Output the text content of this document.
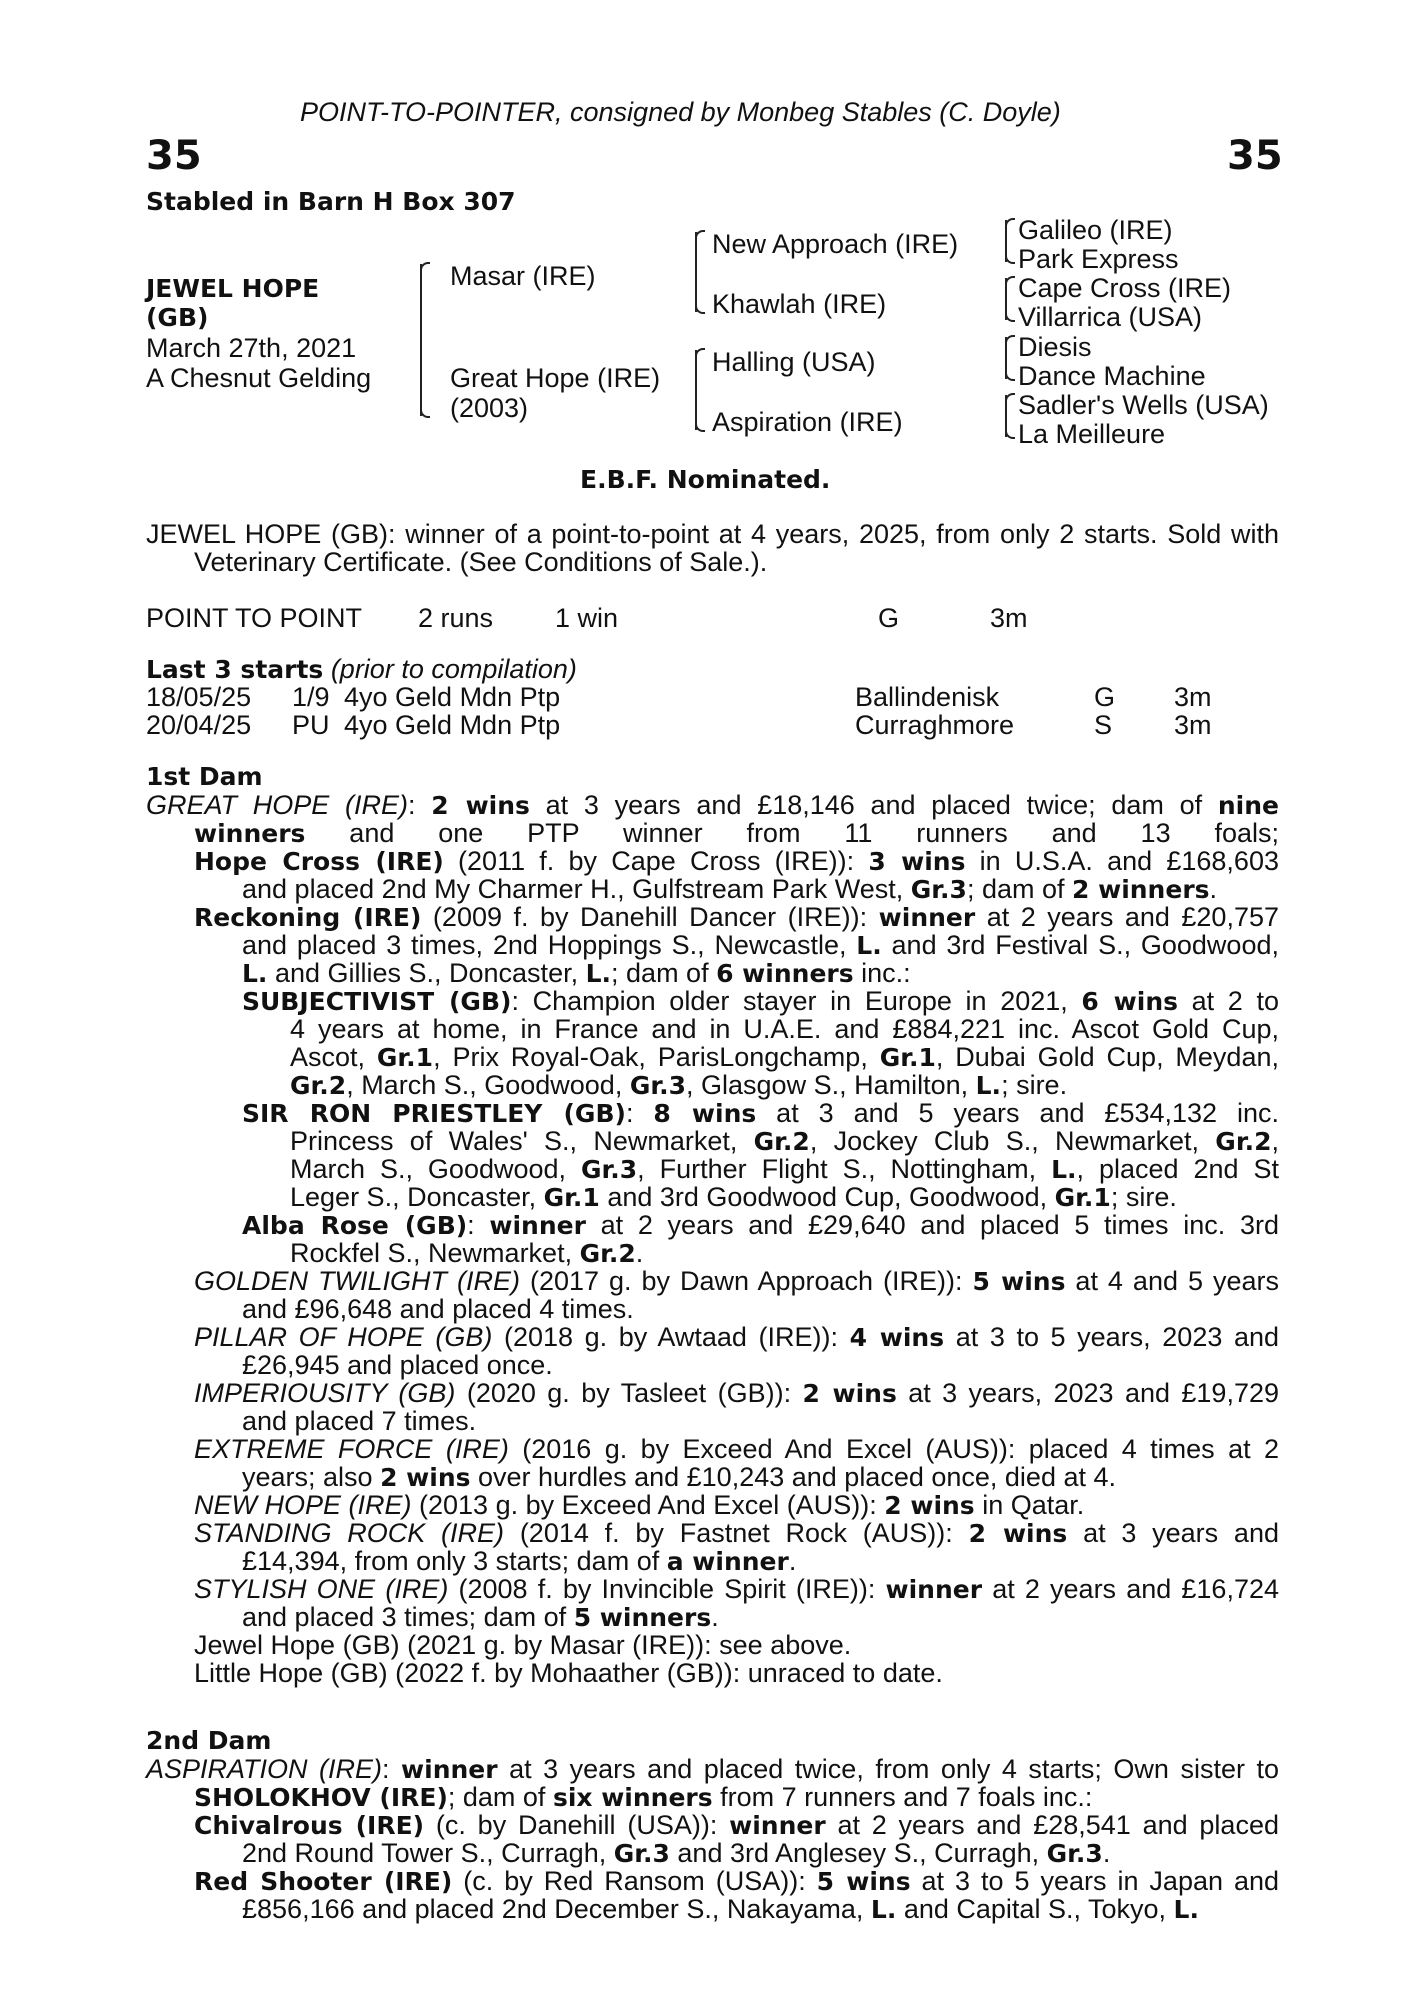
POINT-TO-POINTER, consigned by Monbeg Stables (C. Doyle)
35	35
Stabled in Barn H Box 307
JEWEL HOPE
(GB)
March 27th, 2021
A Chesnut Gelding
Masar (IRE)
Great Hope (IRE)
(2003)
New Approach (IRE)
Khawlah (IRE)
Halling (USA)
Aspiration (IRE)
Galileo (IRE)
Park Express
Cape Cross (IRE)
Villarrica (USA)
Diesis
Dance Machine
Sadler's Wells (USA)
La Meilleure
E.B.F. Nominated.
JEWEL HOPE (GB): winner of a point-to-point at 4 years, 2025, from only 2 starts. Sold with
Veterinary Certificate. (See Conditions of Sale.).
POINT TO POINT 2 runs 1 win	G	3m
Last 3 starts (prior to compilation)
18/05/25 1/9 4yo Geld Mdn Ptp	Ballindenisk	G 3m
20/04/25 PU 4yo Geld Mdn Ptp	Curraghmore	S 3m
1st Dam
GREAT HOPE (IRE): 2 wins at 3 years and £18,146 and placed twice; dam of nine
winners and one PTP winner from 11 runners and 13 foals;
Hope Cross (IRE) (2011 f. by Cape Cross (IRE)): 3 wins in U.S.A. and £168,603
and placed 2nd My Charmer H., Gulfstream Park West, Gr.3; dam of 2 winners.
Reckoning (IRE) (2009 f. by Danehill Dancer (IRE)): winner at 2 years and £20,757
and placed 3 times, 2nd Hoppings S., Newcastle, L. and 3rd Festival S., Goodwood,
L. and Gillies S., Doncaster, L.; dam of 6 winners inc.:
SUBJECTIVIST (GB): Champion older stayer in Europe in 2021, 6 wins at 2 to
4 years at home, in France and in U.A.E. and £884,221 inc. Ascot Gold Cup,
Ascot, Gr.1, Prix Royal-Oak, ParisLongchamp, Gr.1, Dubai Gold Cup, Meydan,
Gr.2, March S., Goodwood, Gr.3, Glasgow S., Hamilton, L.; sire.
SIR RON PRIESTLEY (GB): 8 wins at 3 and 5 years and £534,132 inc.
Princess of Wales' S., Newmarket, Gr.2, Jockey Club S., Newmarket, Gr.2,
March S., Goodwood, Gr.3, Further Flight S., Nottingham, L., placed 2nd St
Leger S., Doncaster, Gr.1 and 3rd Goodwood Cup, Goodwood, Gr.1; sire.
Alba Rose (GB): winner at 2 years and £29,640 and placed 5 times inc. 3rd
Rockfel S., Newmarket, Gr.2.
GOLDEN TWILIGHT (IRE) (2017 g. by Dawn Approach (IRE)): 5 wins at 4 and 5 years
and £96,648 and placed 4 times.
PILLAR OF HOPE (GB) (2018 g. by Awtaad (IRE)): 4 wins at 3 to 5 years, 2023 and
£26,945 and placed once.
IMPERIOUSITY (GB) (2020 g. by Tasleet (GB)): 2 wins at 3 years, 2023 and £19,729
and placed 7 times.
EXTREME FORCE (IRE) (2016 g. by Exceed And Excel (AUS)): placed 4 times at 2
years; also 2 wins over hurdles and £10,243 and placed once, died at 4.
NEW HOPE (IRE) (2013 g. by Exceed And Excel (AUS)): 2 wins in Qatar.
STANDING ROCK (IRE) (2014 f. by Fastnet Rock (AUS)): 2 wins at 3 years and
£14,394, from only 3 starts; dam of a winner.
STYLISH ONE (IRE) (2008 f. by Invincible Spirit (IRE)): winner at 2 years and £16,724
and placed 3 times; dam of 5 winners.
Jewel Hope (GB) (2021 g. by Masar (IRE)): see above.
Little Hope (GB) (2022 f. by Mohaather (GB)): unraced to date.
2nd Dam
ASPIRATION (IRE): winner at 3 years and placed twice, from only 4 starts; Own sister to
SHOLOKHOV (IRE); dam of six winners from 7 runners and 7 foals inc.:
Chivalrous (IRE) (c. by Danehill (USA)): winner at 2 years and £28,541 and placed
2nd Round Tower S., Curragh, Gr.3 and 3rd Anglesey S., Curragh, Gr.3.
Red Shooter (IRE) (c. by Red Ransom (USA)): 5 wins at 3 to 5 years in Japan and
£856,166 and placed 2nd December S., Nakayama, L. and Capital S., Tokyo, L.
